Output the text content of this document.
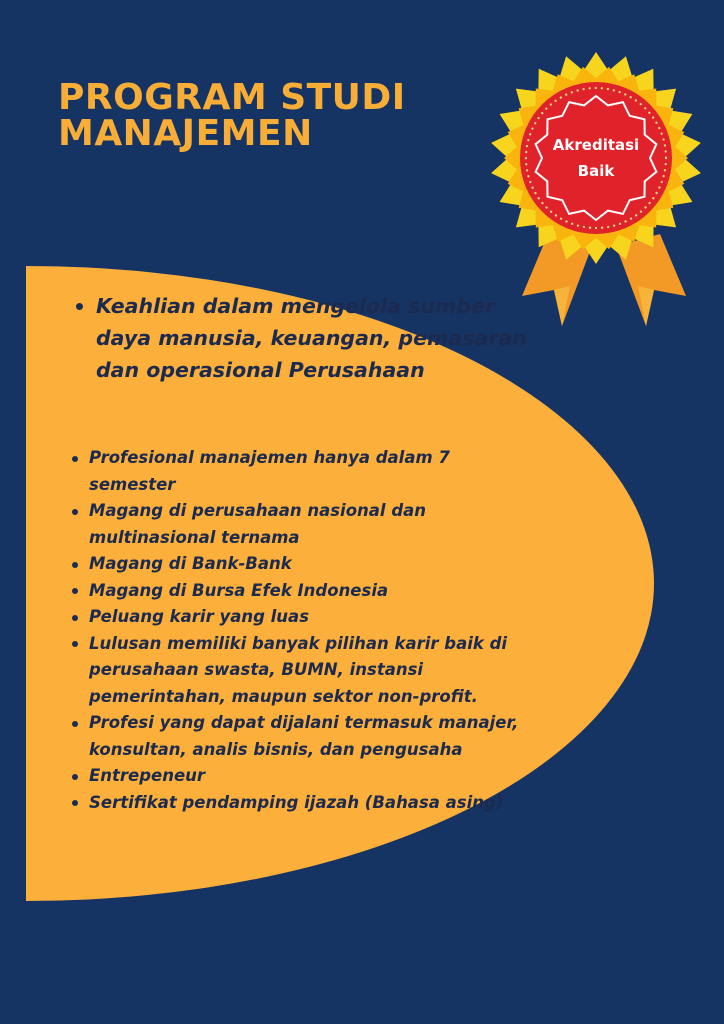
PROGRAM STUDI
MANAJEMEN
Keahlian dalam mengelola sumber daya manusia, keuangan, pemasaran dan operasional Perusahaan
Profesional manajemen hanya dalam 7 semester
Magang di perusahaan nasional dan multinasional ternama
Magang di Bank-Bank
Magang di Bursa Efek Indonesia
Peluang karir yang luas
Lulusan memiliki banyak pilihan karir baik di perusahaan swasta, BUMN, instansi pemerintahan, maupun sektor non-profit.
Profesi yang dapat dijalani termasuk manajer, konsultan, analis bisnis, dan pengusaha
Entrepeneur
Sertifikat pendamping ijazah (Bahasa asing)
Akreditasi
Baik
